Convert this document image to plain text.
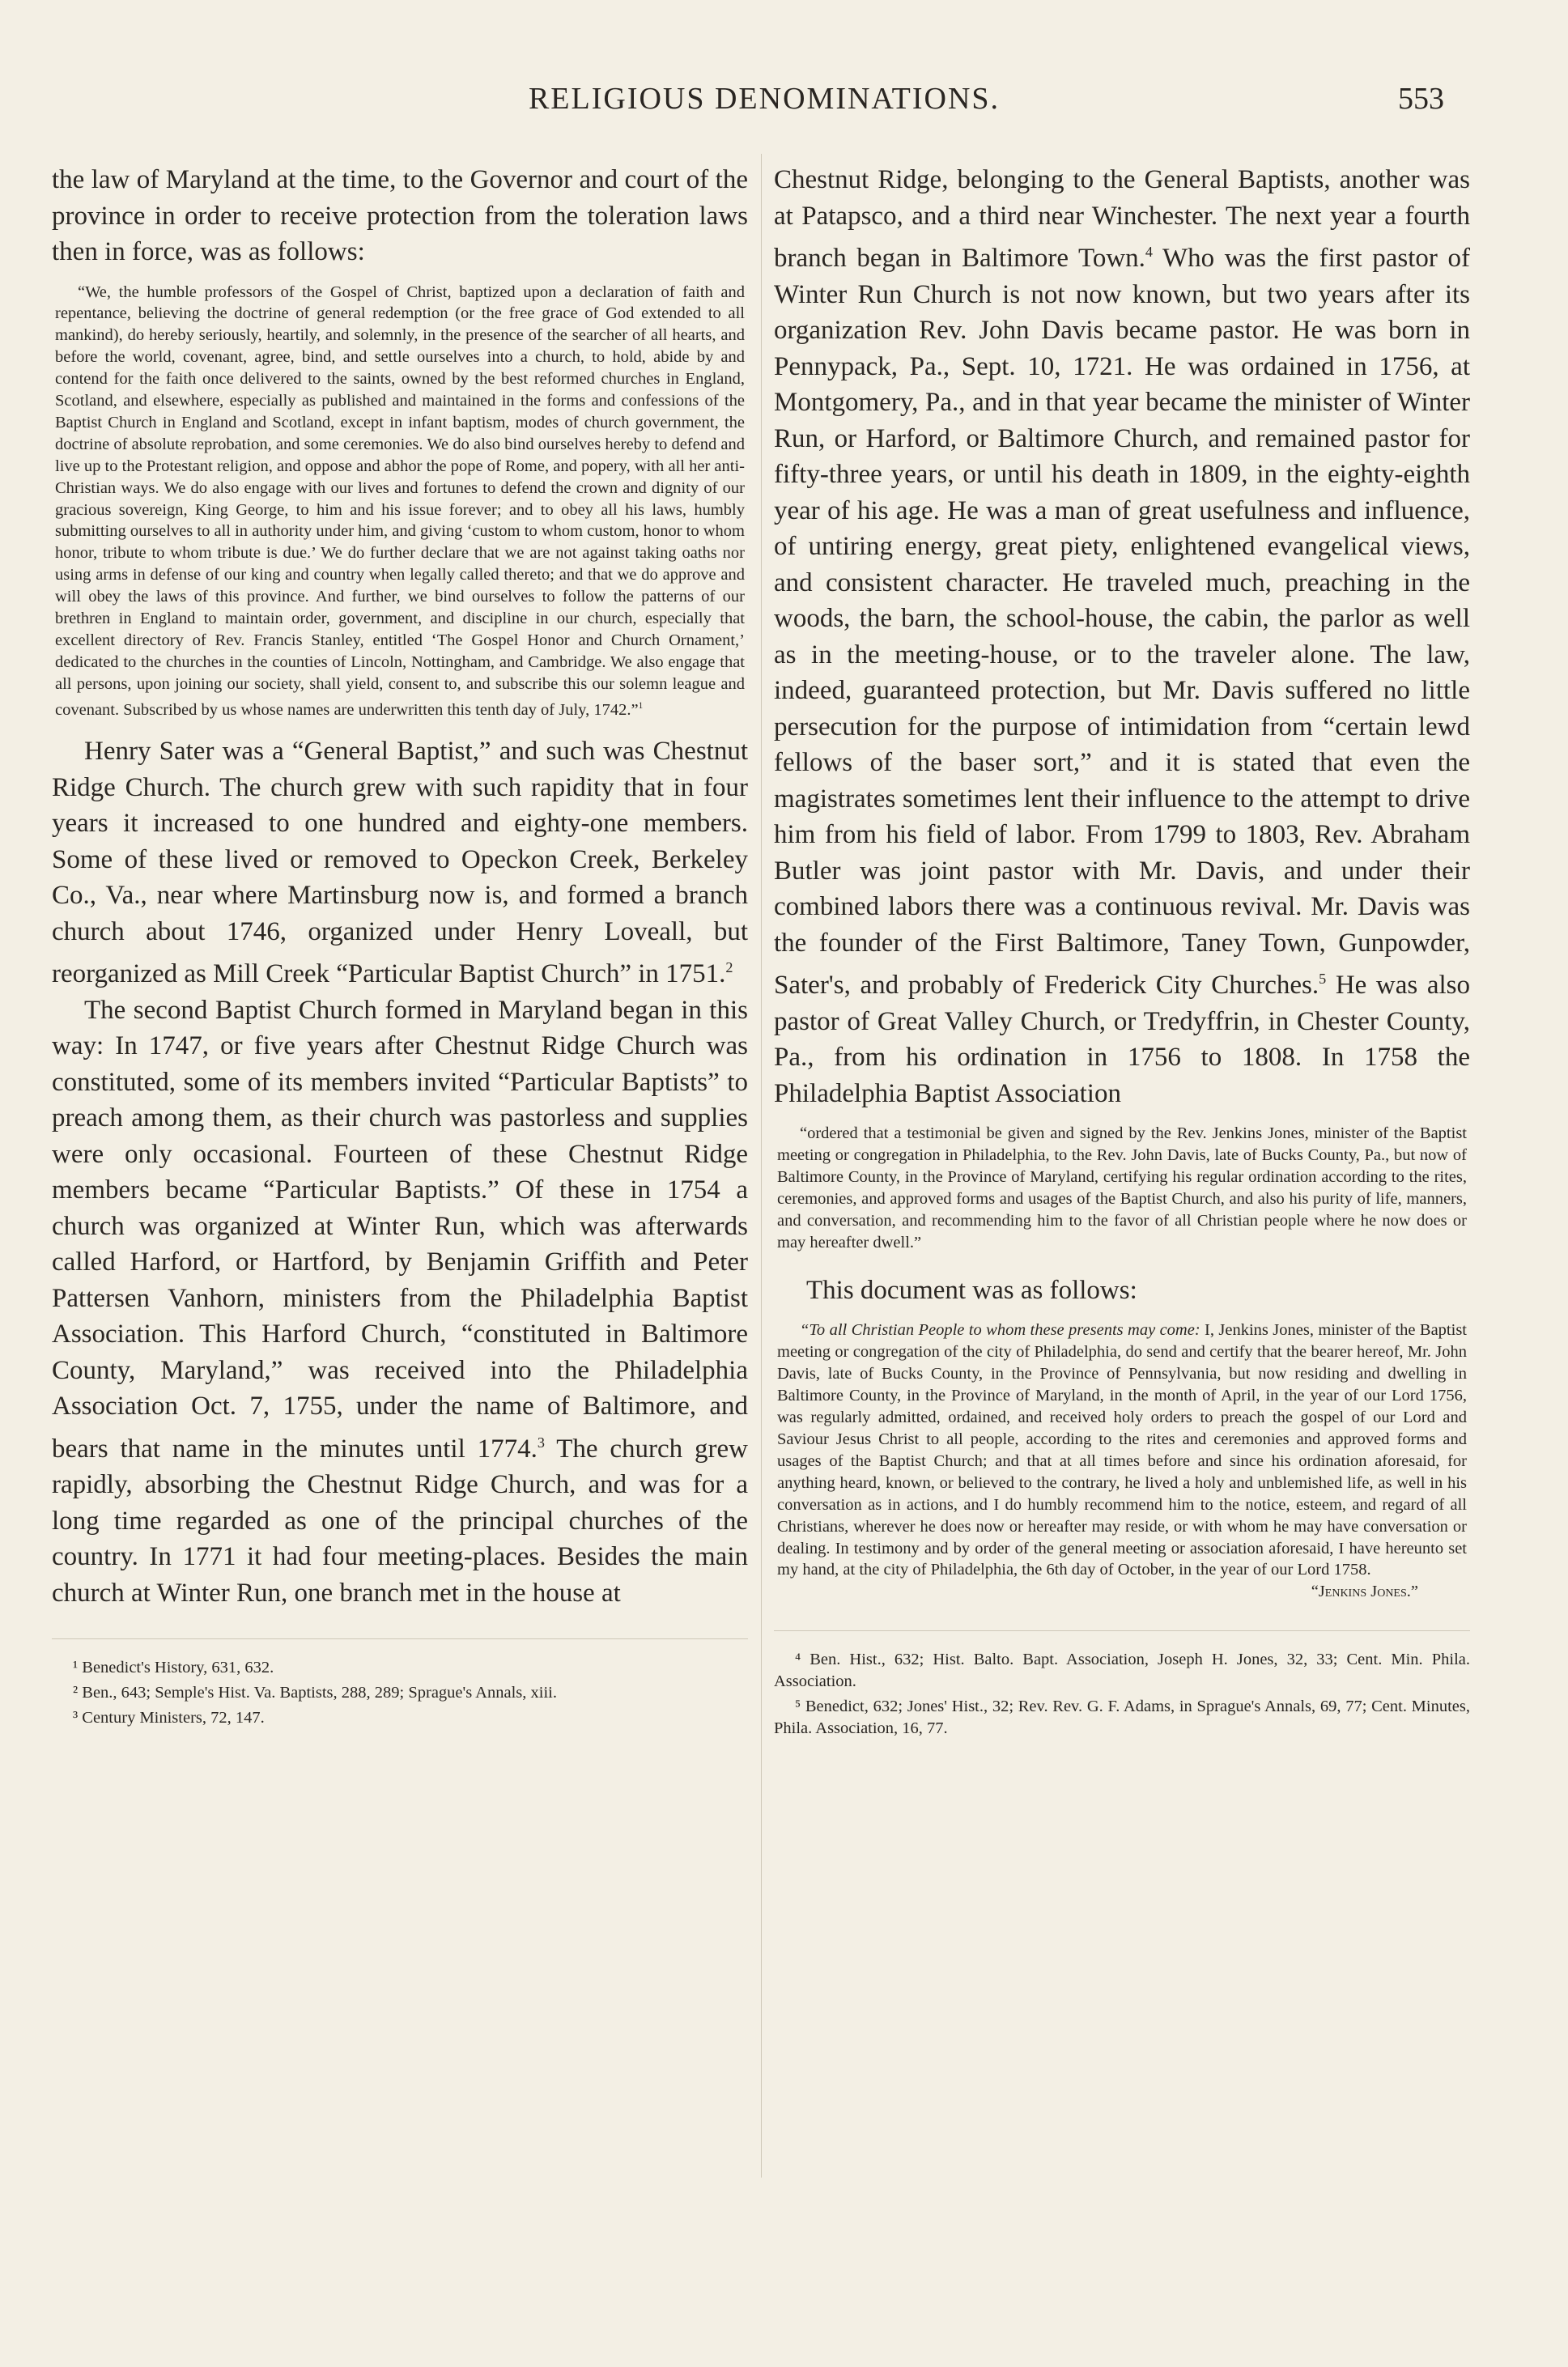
RELIGIOUS DENOMINATIONS.	553

the law of Maryland at the time, to the Governor and court of the province in order to receive protection from the toleration laws then in force, was as follows:

“We, the humble professors of the Gospel of Christ, baptized upon a declaration of faith and repentance, believing the doctrine of general redemption (or the free grace of God extended to all mankind), do hereby seriously, heartily, and solemnly, in the presence of the searcher of all hearts, and before the world, covenant, agree, bind, and settle ourselves into a church, to hold, abide by and contend for the faith once delivered to the saints, owned by the best reformed churches in England, Scotland, and elsewhere, especially as published and maintained in the forms and confessions of the Baptist Church in England and Scotland, except in infant baptism, modes of church government, the doctrine of absolute reprobation, and some ceremonies. We do also bind ourselves hereby to defend and live up to the Protestant religion, and oppose and abhor the pope of Rome, and popery, with all her anti-Christian ways. We do also engage with our lives and fortunes to defend the crown and dignity of our gracious sovereign, King George, to him and his issue forever; and to obey all his laws, humbly submitting ourselves to all in authority under him, and giving ‘custom to whom custom, honor to whom honor, tribute to whom tribute is due.’ We do further declare that we are not against taking oaths nor using arms in defense of our king and country when legally called thereto; and that we do approve and will obey the laws of this province. And further, we bind ourselves to follow the patterns of our brethren in England to maintain order, government, and discipline in our church, especially that excellent directory of Rev. Francis Stanley, entitled ‘The Gospel Honor and Church Ornament,’ dedicated to the churches in the counties of Lincoln, Nottingham, and Cambridge. We also engage that all persons, upon joining our society, shall yield, consent to, and subscribe this our solemn league and covenant. Subscribed by us whose names are underwritten this tenth day of July, 1742.”$^1$

Henry Sater was a “General Baptist,” and such was Chestnut Ridge Church. The church grew with such rapidity that in four years it increased to one hundred and eighty-one members. Some of these lived or removed to Opeckon Creek, Berkeley Co., Va., near where Martinsburg now is, and formed a branch church about 1746, organized under Henry Loveall, but reorganized as Mill Creek “Particular Baptist Church” in 1751.$^2$

The second Baptist Church formed in Maryland began in this way: In 1747, or five years after Chestnut Ridge Church was constituted, some of its members invited “Particular Baptists” to preach among them, as their church was pastorless and supplies were only occasional. Fourteen of these Chestnut Ridge members became “Particular Baptists.” Of these in 1754 a church was organized at Winter Run, which was afterwards called Harford, or Hartford, by Benjamin Griffith and Peter Pattersen Vanhorn, ministers from the Philadelphia Baptist Association. This Harford Church, “constituted in Baltimore County, Maryland,” was received into the Philadelphia Association Oct. 7, 1755, under the name of Baltimore, and bears that name in the minutes until 1774.$^3$ The church grew rapidly, absorbing the Chestnut Ridge Church, and was for a long time regarded as one of the principal churches of the country. In 1771 it had four meeting-places. Besides the main church at Winter Run, one branch met in the house at

¹ Benedict's History, 631, 632.

² Ben., 643; Semple's Hist. Va. Baptists, 288, 289; Sprague's Annals, xiii.

³ Century Ministers, 72, 147.

Chestnut Ridge, belonging to the General Baptists, another was at Patapsco, and a third near Winchester. The next year a fourth branch began in Baltimore Town.$^4$ Who was the first pastor of Winter Run Church is not now known, but two years after its organization Rev. John Davis became pastor. He was born in Pennypack, Pa., Sept. 10, 1721. He was ordained in 1756, at Montgomery, Pa., and in that year became the minister of Winter Run, or Harford, or Baltimore Church, and remained pastor for fifty-three years, or until his death in 1809, in the eighty-eighth year of his age. He was a man of great usefulness and influence, of untiring energy, great piety, enlightened evangelical views, and consistent character. He traveled much, preaching in the woods, the barn, the school-house, the cabin, the parlor as well as in the meeting-house, or to the traveler alone. The law, indeed, guaranteed protection, but Mr. Davis suffered no little persecution for the purpose of intimidation from “certain lewd fellows of the baser sort,” and it is stated that even the magistrates sometimes lent their influence to the attempt to drive him from his field of labor. From 1799 to 1803, Rev. Abraham Butler was joint pastor with Mr. Davis, and under their combined labors there was a continuous revival. Mr. Davis was the founder of the First Baltimore, Taney Town, Gunpowder, Sater's, and probably of Frederick City Churches.$^5$ He was also pastor of Great Valley Church, or Tredyffrin, in Chester County, Pa., from his ordination in 1756 to 1808. In 1758 the Philadelphia Baptist Association

“ordered that a testimonial be given and signed by the Rev. Jenkins Jones, minister of the Baptist meeting or congregation in Philadelphia, to the Rev. John Davis, late of Bucks County, Pa., but now of Baltimore County, in the Province of Maryland, certifying his regular ordination according to the rites, ceremonies, and approved forms and usages of the Baptist Church, and also his purity of life, manners, and conversation, and recommending him to the favor of all Christian people where he now does or may hereafter dwell.”

This document was as follows:

“To all Christian People to whom these presents may come: I, Jenkins Jones, minister of the Baptist meeting or congregation of the city of Philadelphia, do send and certify that the bearer hereof, Mr. John Davis, late of Bucks County, in the Province of Pennsylvania, but now residing and dwelling in Baltimore County, in the Province of Maryland, in the month of April, in the year of our Lord 1756, was regularly admitted, ordained, and received holy orders to preach the gospel of our Lord and Saviour Jesus Christ to all people, according to the rites and ceremonies and approved forms and usages of the Baptist Church; and that at all times before and since his ordination aforesaid, for anything heard, known, or believed to the contrary, he lived a holy and unblemished life, as well in his conversation as in actions, and I do humbly recommend him to the notice, esteem, and regard of all Christians, wherever he does now or hereafter may reside, or with whom he may have conversation or dealing. In testimony and by order of the general meeting or association aforesaid, I have hereunto set my hand, at the city of Philadelphia, the 6th day of October, in the year of our Lord 1758.

“Jenkins Jones.”

⁴ Ben. Hist., 632; Hist. Balto. Bapt. Association, Joseph H. Jones, 32, 33; Cent. Min. Phila. Association.

⁵ Benedict, 632; Jones' Hist., 32; Rev. Rev. G. F. Adams, in Sprague's Annals, 69, 77; Cent. Minutes, Phila. Association, 16, 77.
